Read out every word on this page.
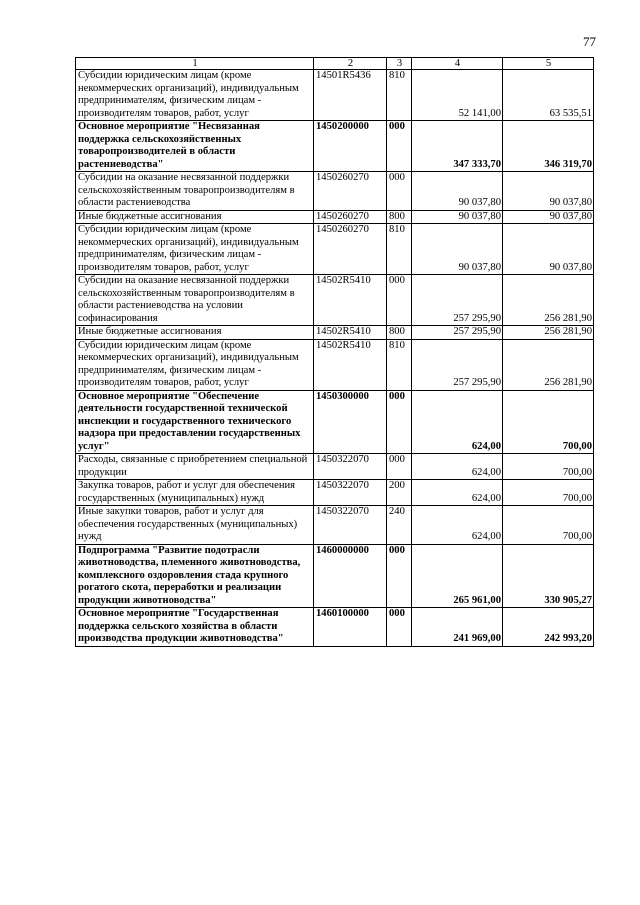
77
1	2	3	4	5
Субсидии юридическим лицам (кроме некоммерческих организаций), индивидуальным предпринимателям, физическим лицам - производителям товаров, работ, услуг	14501R5436	810	52 141,00	63 535,51
Основное мероприятие "Несвязанная поддержка сельскохозяйственных товаропроизводителей в области растениеводства"	1450200000	000	347 333,70	346 319,70
Субсидии на оказание несвязанной поддержки сельскохозяйственным товаропроизводителям в области растениеводства	1450260270	000	90 037,80	90 037,80
Иные бюджетные ассигнования	1450260270	800	90 037,80	90 037,80
Субсидии юридическим лицам (кроме некоммерческих организаций), индивидуальным предпринимателям, физическим лицам - производителям товаров, работ, услуг	1450260270	810	90 037,80	90 037,80
Субсидии на оказание несвязанной поддержки сельскохозяйственным товаропроизводителям в области растениеводства на условии софинасирования	14502R5410	000	257 295,90	256 281,90
Иные бюджетные ассигнования	14502R5410	800	257 295,90	256 281,90
Субсидии юридическим лицам (кроме некоммерческих организаций), индивидуальным предпринимателям, физическим лицам - производителям товаров, работ, услуг	14502R5410	810	257 295,90	256 281,90
Основное мероприятие "Обеспечение деятельности государственной технической инспекции и государственного технического надзора при предоставлении государственных услуг"	1450300000	000	624,00	700,00
Расходы, связанные с приобретением специальной продукции	1450322070	000	624,00	700,00
Закупка товаров, работ и услуг для обеспечения государственных (муниципальных) нужд	1450322070	200	624,00	700,00
Иные закупки товаров, работ и услуг для обеспечения государственных (муниципальных) нужд	1450322070	240	624,00	700,00
Подпрограмма "Развитие подотрасли животноводства, племенного животноводства, комплексного оздоровления стада крупного рогатого скота, переработки и реализации продукции животноводства"	1460000000	000	265 961,00	330 905,27
Основное мероприятие "Государственная поддержка сельского хозяйства в области производства продукции животноводства"	1460100000	000	241 969,00	242 993,20
